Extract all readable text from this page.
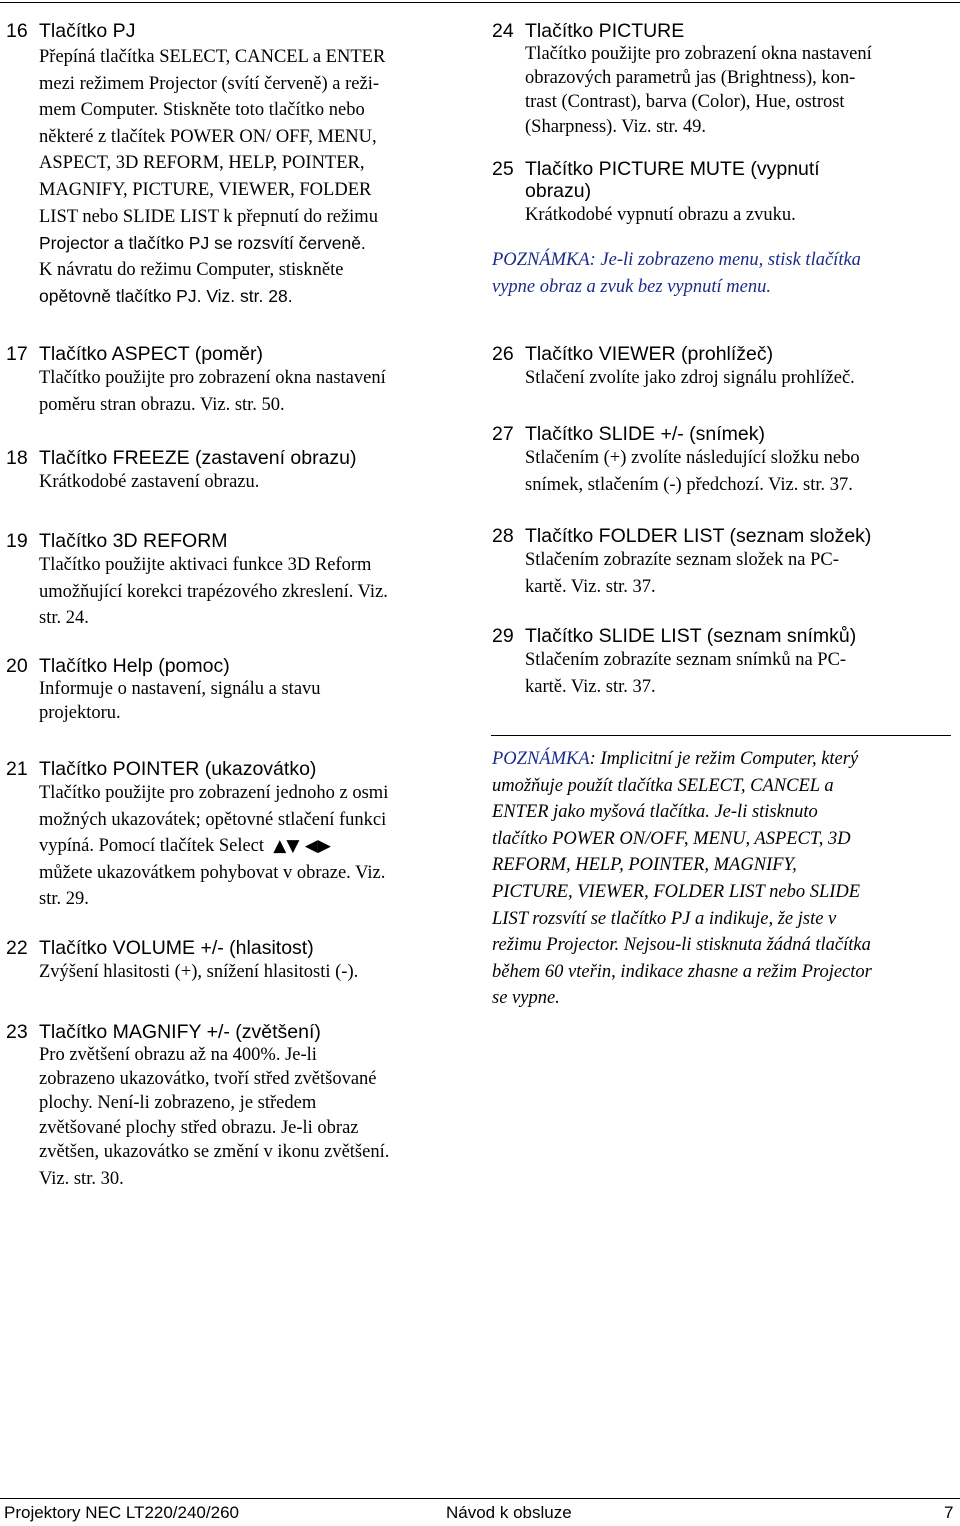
16 Tlačítko PJ
Přepíná tlačítka SELECT, CANCEL a ENTER
mezi režimem Projector (svítí červeně) a reži-
mem Computer. Stiskněte toto tlačítko nebo
některé z tlačítek POWER ON/ OFF, MENU,
ASPECT, 3D REFORM, HELP, POINTER,
MAGNIFY, PICTURE, VIEWER, FOLDER
LIST nebo SLIDE LIST k přepnutí do režimu
Projector a tlačítko PJ se rozsvítí červeně.
K návratu do režimu Computer, stiskněte
opětovně tlačítko PJ. Viz. str. 28.
17 Tlačítko ASPECT (poměr)
Tlačítko použijte pro zobrazení okna nastavení
poměru stran obrazu. Viz. str. 50.
18 Tlačítko FREEZE (zastavení obrazu)
Krátkodobé zastavení obrazu.
19 Tlačítko 3D REFORM
Tlačítko použijte aktivaci funkce 3D Reform
umožňující korekci trapézového zkreslení. Viz.
str. 24.
20 Tlačítko Help (pomoc)
Informuje o nastavení, signálu a stavu
projektoru.
21 Tlačítko POINTER (ukazovátko)
Tlačítko použijte pro zobrazení jednoho z osmi
možných ukazovátek; opětovné stlačení funkci
vypíná. Pomocí tlačítek Select ▲▼ ◀▶
můžete ukazovátkem pohybovat v obraze. Viz.
str. 29.
22 Tlačítko VOLUME +/- (hlasitost)
Zvýšení hlasitosti (+), snížení hlasitosti (-).
23 Tlačítko MAGNIFY +/- (zvětšení)
Pro zvětšení obrazu až na 400%. Je-li
zobrazeno ukazovátko, tvoří střed zvětšované
plochy. Není-li zobrazeno, je středem
zvětšované plochy střed obrazu. Je-li obraz
zvětšen, ukazovátko se změní v ikonu zvětšení.
Viz. str. 30.
24 Tlačítko PICTURE
Tlačítko použijte pro zobrazení okna nastavení
obrazových parametrů jas (Brightness), kon-
trast (Contrast), barva (Color), Hue, ostrost
(Sharpness). Viz. str. 49.
25 Tlačítko PICTURE MUTE (vypnutí obrazu)
Krátkodobé vypnutí obrazu a zvuku.
POZNÁMKA: Je-li zobrazeno menu, stisk tlačítka
vypne obraz a zvuk bez vypnutí menu.
26 Tlačítko VIEWER (prohlížeč)
Stlačení zvolíte jako zdroj signálu prohlížeč.
27 Tlačítko SLIDE +/- (snímek)
Stlačením (+) zvolíte následující složku nebo
snímek, stlačením (-) předchozí. Viz. str. 37.
28 Tlačítko FOLDER LIST (seznam složek)
Stlačením zobrazíte seznam složek na PC-
kartě. Viz. str. 37.
29 Tlačítko SLIDE LIST (seznam snímků)
Stlačením zobrazíte seznam snímků na PC-
kartě. Viz. str. 37.
POZNÁMKA: Implicitní je režim Computer, který
umožňuje použít tlačítka SELECT, CANCEL a
ENTER jako myšová tlačítka. Je-li stisknuto
tlačítko POWER ON/OFF, MENU, ASPECT, 3D
REFORM, HELP, POINTER, MAGNIFY,
PICTURE, VIEWER, FOLDER LIST nebo SLIDE
LIST rozsvítí se tlačítko PJ a indikuje, že jste v
režimu Projector. Nejsou-li stisknuta žádná tlačítka
během 60 vteřin, indikace zhasne a režim Projector
se vypne.
Projektory NEC LT220/240/260	Návod k obsluze	7
